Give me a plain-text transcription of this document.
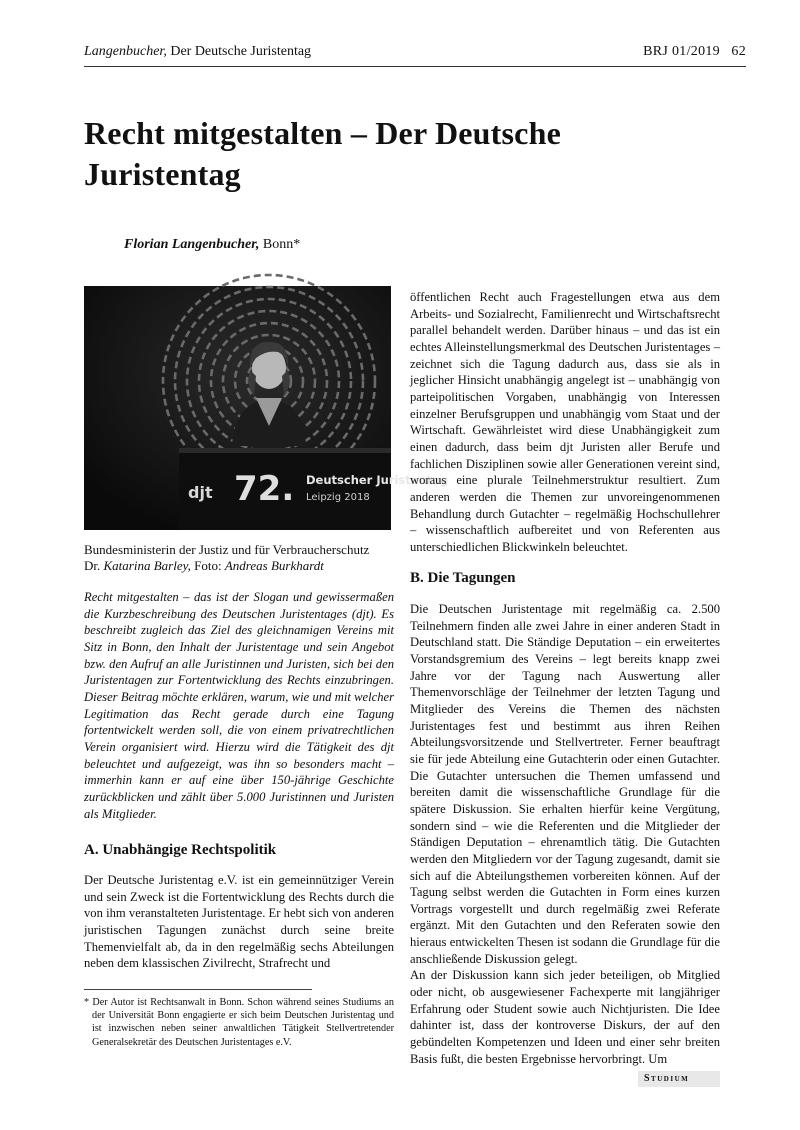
Langenbucher, Der Deutsche Juristentag	BRJ 01/2019 62
Recht mitgestalten – Der Deutsche Juristentag
Florian Langenbucher, Bonn*
djt 72. Deutscher Juristentag
Leipzig 2018
Bundesministerin der Justiz und für Verbraucherschutz
Dr. Katarina Barley, Foto: Andreas Burkhardt

Recht mitgestalten – das ist der Slogan und gewissermaßen die Kurzbeschreibung des Deutschen Juristentages (djt). Es beschreibt zugleich das Ziel des gleichnamigen Vereins mit Sitz in Bonn, den Inhalt der Juristentage und sein Angebot bzw. den Aufruf an alle Juristinnen und Juristen, sich bei den Juristentagen zur Fortentwicklung des Rechts einzubringen. Dieser Beitrag möchte erklären, warum, wie und mit welcher Legitimation das Recht gerade durch eine Tagung fortentwickelt werden soll, die von einem privatrechtlichen Verein organisiert wird. Hierzu wird die Tätigkeit des djt beleuchtet und aufgezeigt, was ihn so besonders macht – immerhin kann er auf eine über 150-jährige Geschichte zurückblicken und zählt über 5.000 Juristinnen und Juristen als Mitglieder.

A. Unabhängige Rechtspolitik

Der Deutsche Juristentag e.V. ist ein gemeinnütziger Verein und sein Zweck ist die Fortentwicklung des Rechts durch die von ihm veranstalteten Juristentage. Er hebt sich von anderen juristischen Tagungen zunächst durch seine breite Themenvielfalt ab, da in den regelmäßig sechs Abteilungen neben dem klassischen Zivilrecht, Strafrecht und

* Der Autor ist Rechtsanwalt in Bonn. Schon während seines Studiums an der Universität Bonn engagierte er sich beim Deutschen Juristentag und ist inzwischen neben seiner anwaltlichen Tätigkeit Stellvertretender Generalsekretär des Deutschen Juristentages e.V.

öffentlichen Recht auch Fragestellungen etwa aus dem Arbeits- und Sozialrecht, Familienrecht und Wirtschaftsrecht parallel behandelt werden. Darüber hinaus – und das ist ein echtes Alleinstellungsmerkmal des Deutschen Juristentages – zeichnet sich die Tagung dadurch aus, dass sie als in jeglicher Hinsicht unabhängig angelegt ist – unabhängig von parteipolitischen Vorgaben, unabhängig von Interessen einzelner Berufsgruppen und unabhängig vom Staat und der Wirtschaft. Gewährleistet wird diese Unabhängigkeit zum einen dadurch, dass beim djt Juristen aller Berufe und fachlichen Disziplinen sowie aller Generationen vereint sind, woraus eine plurale Teilnehmerstruktur resultiert. Zum anderen werden die Themen zur unvoreingenommenen Behandlung durch Gutachter – regelmäßig Hochschullehrer – wissenschaftlich aufbereitet und von Referenten aus unterschiedlichen Blickwinkeln beleuchtet.

B. Die Tagungen

Die Deutschen Juristentage mit regelmäßig ca. 2.500 Teilnehmern finden alle zwei Jahre in einer anderen Stadt in Deutschland statt. Die Ständige Deputation – ein erweitertes Vorstandsgremium des Vereins – legt bereits knapp zwei Jahre vor der Tagung nach Auswertung aller Themenvorschläge der Teilnehmer der letzten Tagung und Mitglieder des Vereins die Themen des nächsten Juristentages fest und bestimmt aus ihren Reihen Abteilungsvorsitzende und Stellvertreter. Ferner beauftragt sie für jede Abteilung eine Gutachterin oder einen Gutachter. Die Gutachter untersuchen die Themen umfassend und bereiten damit die wissenschaftliche Grundlage für die spätere Diskussion. Sie erhalten hierfür keine Vergütung, sondern sind – wie die Referenten und die Mitglieder der Ständigen Deputation – ehrenamtlich tätig. Die Gutachten werden den Mitgliedern vor der Tagung zugesandt, damit sie sich auf die Abteilungsthemen vorbereiten können. Auf der Tagung selbst werden die Gutachten in Form eines kurzen Vortrags vorgestellt und durch regelmäßig zwei Referate ergänzt. Mit den Gutachten und den Referaten sowie den hieraus entwickelten Thesen ist sodann die Grundlage für die anschließende Diskussion gelegt.

An der Diskussion kann sich jeder beteiligen, ob Mitglied oder nicht, ob ausgewiesener Fachexperte mit langjähriger Erfahrung oder Student sowie auch Nichtjuristen. Die Idee dahinter ist, dass der kontroverse Diskurs, der auf den gebündelten Kompetenzen und Ideen und einer sehr breiten Basis fußt, die besten Ergebnisse hervorbringt. Um

Studium
